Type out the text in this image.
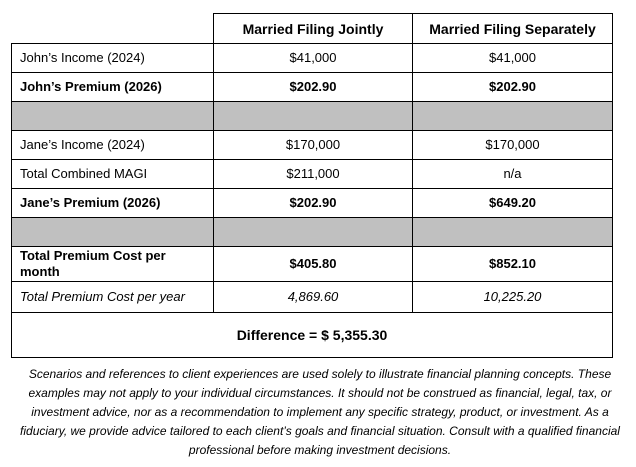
	Married Filing Jointly	Married Filing Separately
John’s Income (2024)	$41,000	$41,000
John’s Premium (2026)	$202.90	$202.90

Jane’s Income (2024)	$170,000	$170,000
Total Combined MAGI	$211,000	n/a
Jane’s Premium (2026)	$202.90	$649.20

Total Premium Cost per month	$405.80	$852.10
Total Premium Cost per year	4,869.60	10,225.20
Difference = $ 5,355.30		
Scenarios and references to client experiences are used solely to illustrate financial planning concepts. These examples may not apply to your individual circumstances. It should not be construed as financial, legal, tax, or investment advice, nor as a recommendation to implement any specific strategy, product, or investment. As a fiduciary, we provide advice tailored to each client’s goals and financial situation. Consult with a qualified financial professional before making investment decisions.
